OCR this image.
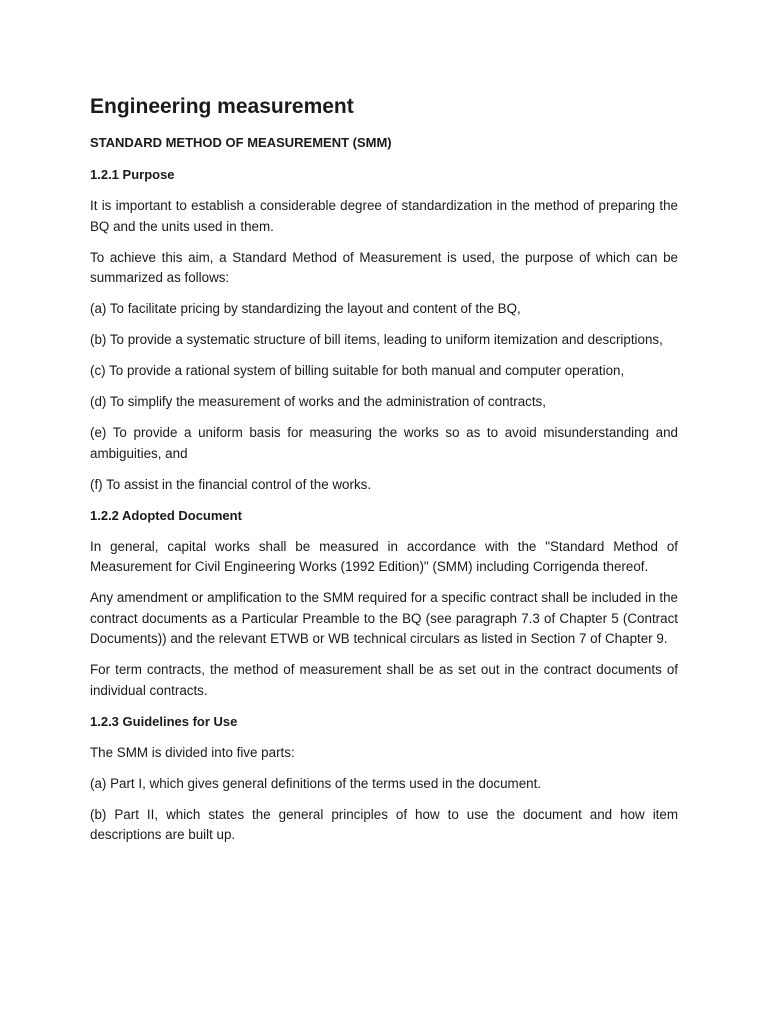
Engineering measurement
STANDARD METHOD OF MEASUREMENT (SMM)
1.2.1 Purpose

It is important to establish a considerable degree of standardization in the method of preparing the BQ and the units used in them.

To achieve this aim, a Standard Method of Measurement is used, the purpose of which can be summarized as follows:

(a) To facilitate pricing by standardizing the layout and content of the BQ,

(b) To provide a systematic structure of bill items, leading to uniform itemization and descriptions,

(c) To provide a rational system of billing suitable for both manual and computer operation,

(d) To simplify the measurement of works and the administration of contracts,

(e) To provide a uniform basis for measuring the works so as to avoid misunderstanding and ambiguities, and

(f) To assist in the financial control of the works.

1.2.2 Adopted Document

In general, capital works shall be measured in accordance with the "Standard Method of Measurement for Civil Engineering Works (1992 Edition)" (SMM) including Corrigenda thereof.

Any amendment or amplification to the SMM required for a specific contract shall be included in the contract documents as a Particular Preamble to the BQ (see paragraph 7.3 of Chapter 5 (Contract Documents)) and the relevant ETWB or WB technical circulars as listed in Section 7 of Chapter 9.

For term contracts, the method of measurement shall be as set out in the contract documents of individual contracts.

1.2.3 Guidelines for Use

The SMM is divided into five parts:

(a) Part I, which gives general definitions of the terms used in the document.

(b) Part II, which states the general principles of how to use the document and how item descriptions are built up.
